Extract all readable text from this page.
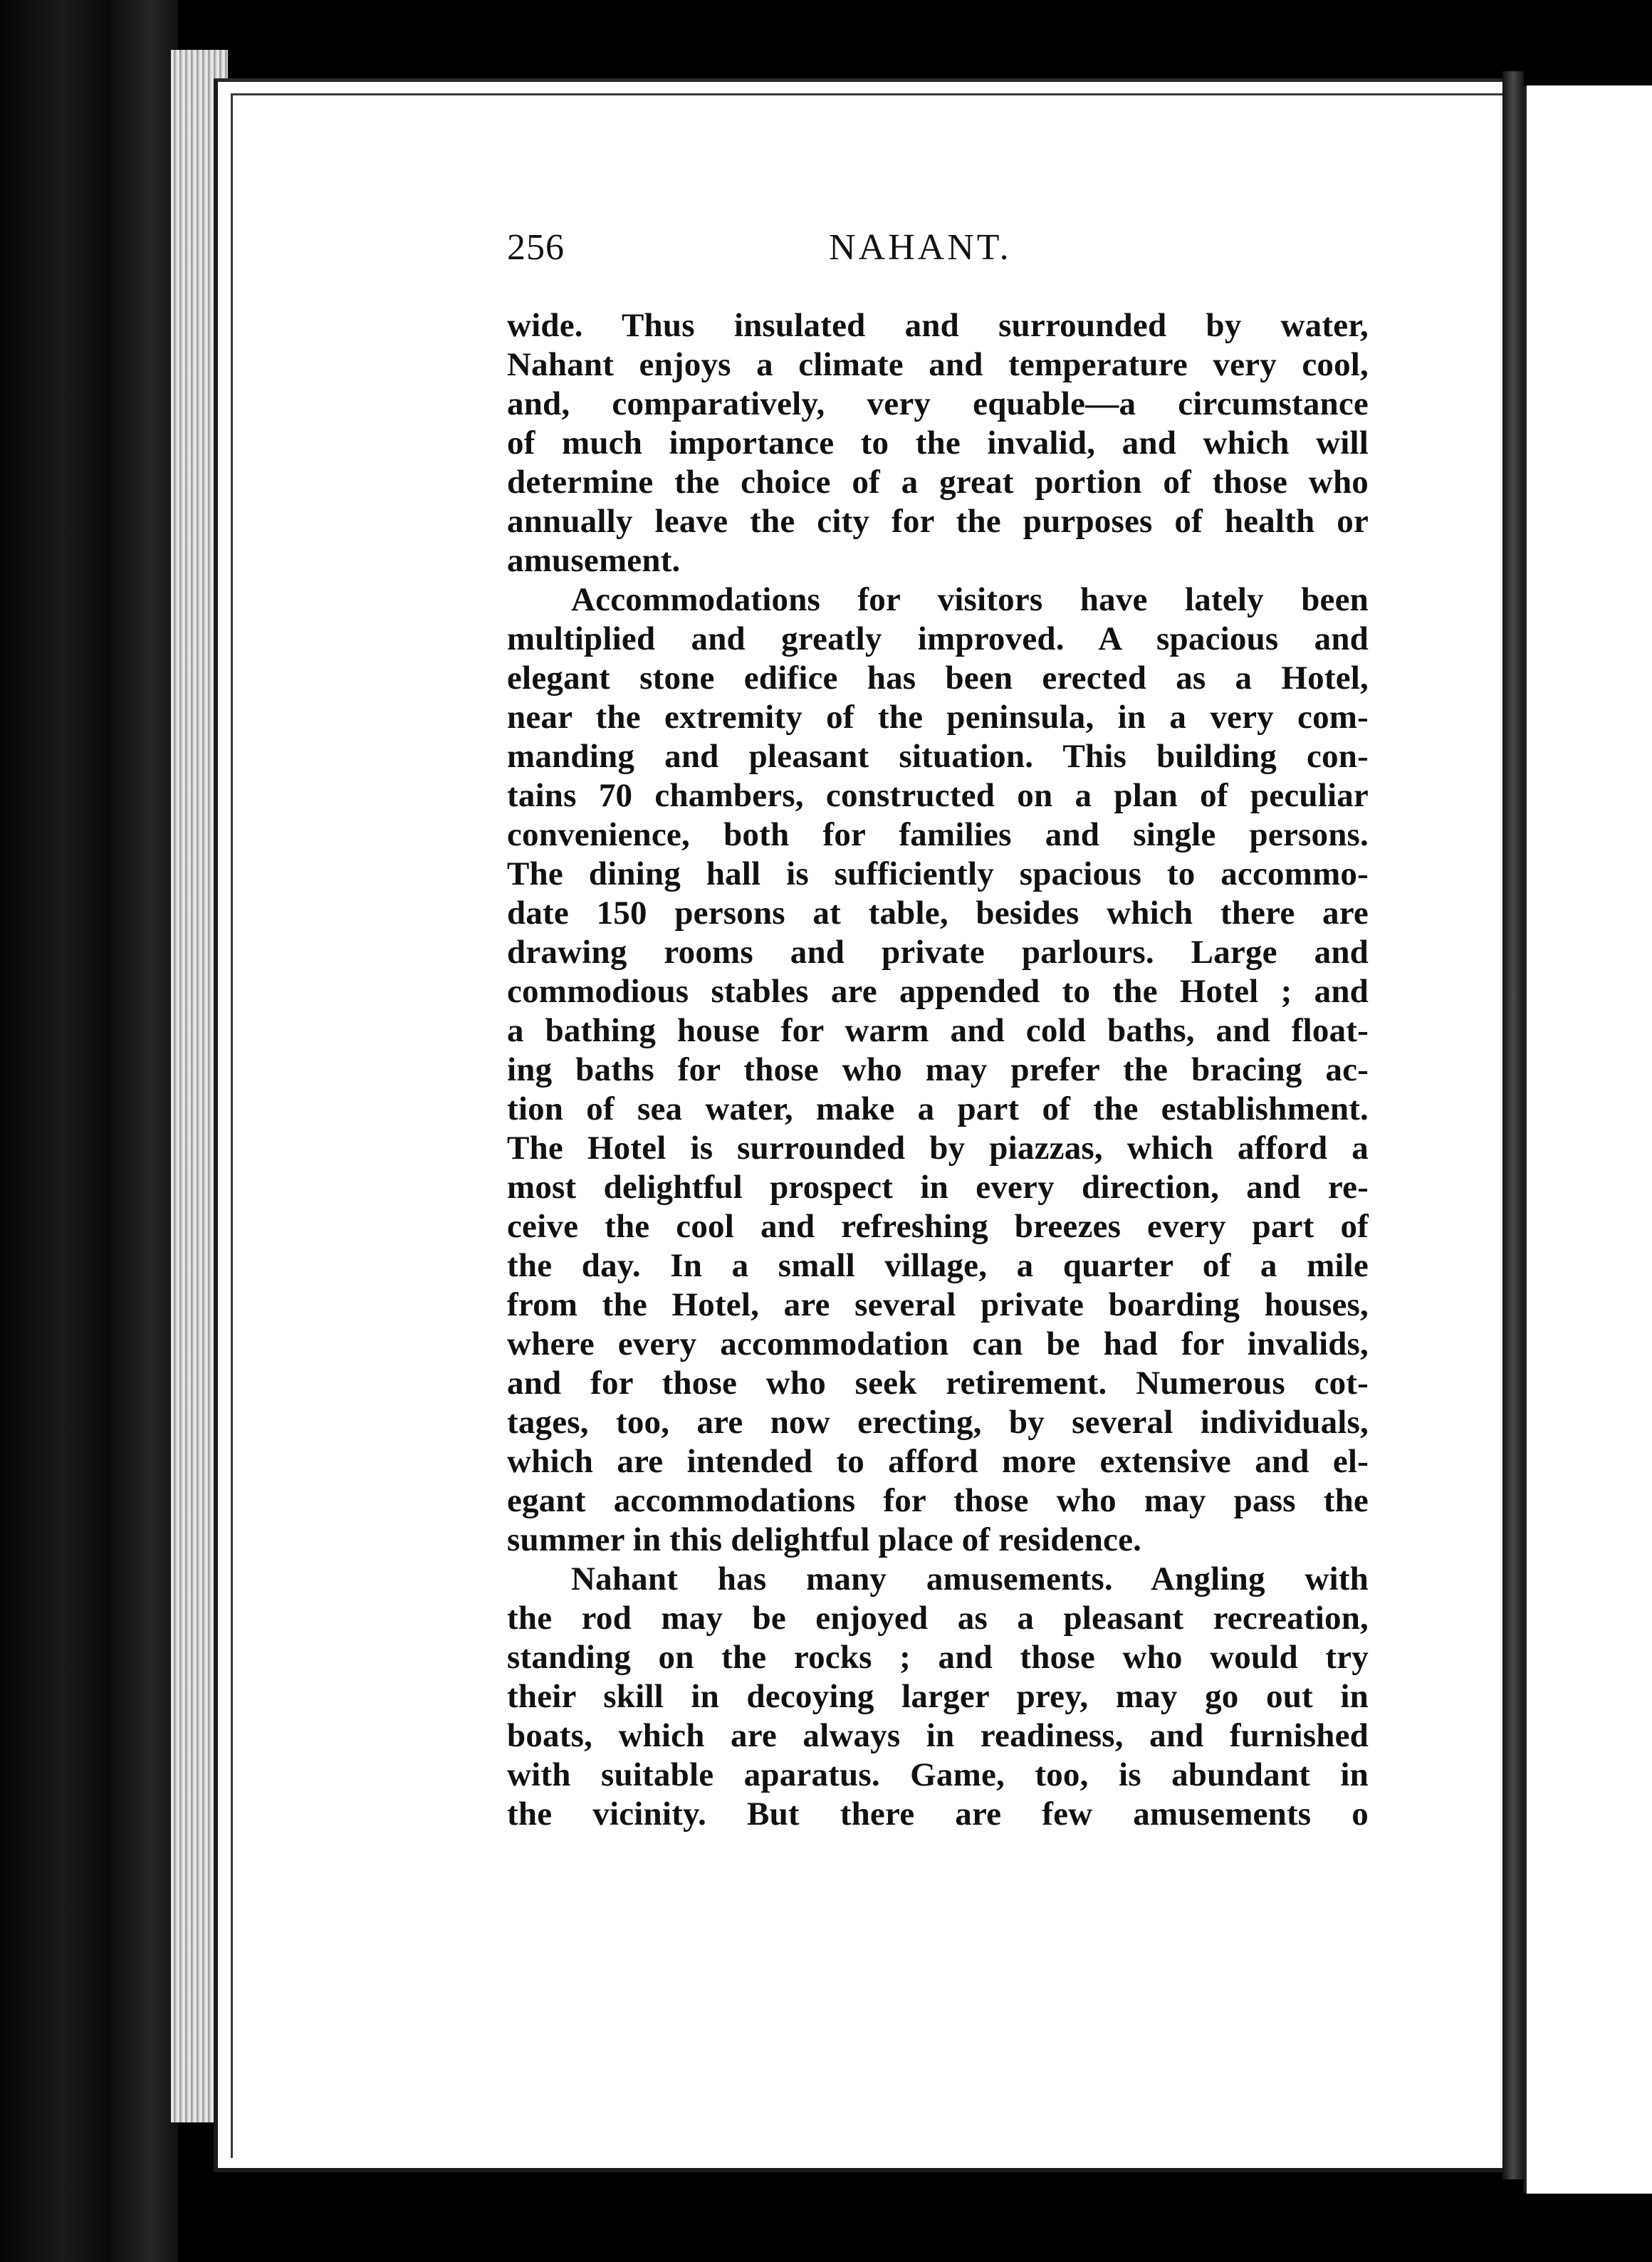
256	NAHANT.
wide. Thus insulated and surrounded by water,
Nahant enjoys a climate and temperature very cool,
and, comparatively, very equable—a circumstance
of much importance to the invalid, and which will
determine the choice of a great portion of those who
annually leave the city for the purposes of health or
amusement.
Accommodations for visitors have lately been
multiplied and greatly improved. A spacious and
elegant stone edifice has been erected as a Hotel,
near the extremity of the peninsula, in a very com-
manding and pleasant situation. This building con-
tains 70 chambers, constructed on a plan of peculiar
convenience, both for families and single persons.
The dining hall is sufficiently spacious to accommo-
date 150 persons at table, besides which there are
drawing rooms and private parlours. Large and
commodious stables are appended to the Hotel ; and
a bathing house for warm and cold baths, and float-
ing baths for those who may prefer the bracing ac-
tion of sea water, make a part of the establishment.
The Hotel is surrounded by piazzas, which afford a
most delightful prospect in every direction, and re-
ceive the cool and refreshing breezes every part of
the day. In a small village, a quarter of a mile
from the Hotel, are several private boarding houses,
where every accommodation can be had for invalids,
and for those who seek retirement. Numerous cot-
tages, too, are now erecting, by several individuals,
which are intended to afford more extensive and el-
egant accommodations for those who may pass the
summer in this delightful place of residence.
Nahant has many amusements. Angling with
the rod may be enjoyed as a pleasant recreation,
standing on the rocks ; and those who would try
their skill in decoying larger prey, may go out in
boats, which are always in readiness, and furnished
with suitable aparatus. Game, too, is abundant in
the vicinity. But there are few amusements o
